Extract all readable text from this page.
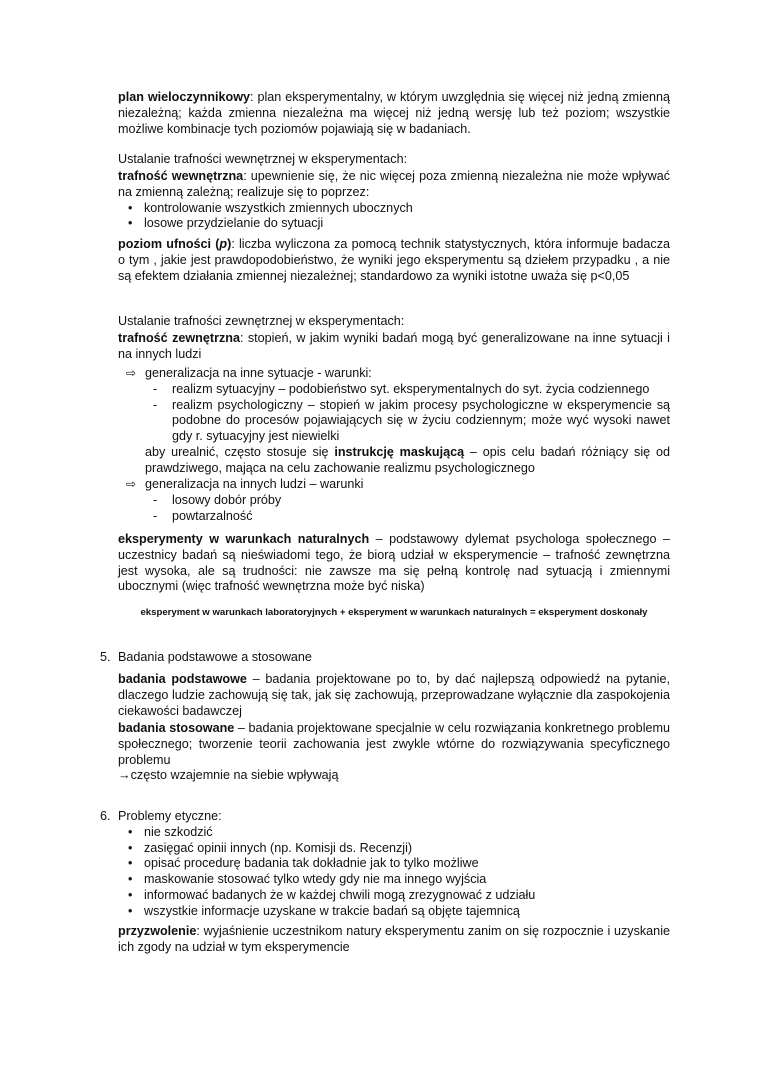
plan wieloczynnikowy: plan eksperymentalny, w którym uwzględnia się więcej niż jedną zmienną niezależną; każda zmienna niezależna ma więcej niż jedną wersję lub też poziom; wszystkie możliwe kombinacje tych poziomów pojawiają się w badaniach.

Ustalanie trafności wewnętrznej w eksperymentach:

trafność wewnętrzna: upewnienie się, że nic więcej poza zmienną niezależna nie może wpływać na zmienną zależną; realizuje się to poprzez:

• kontrolowanie wszystkich zmiennych ubocznych
• losowe przydzielanie do sytuacji

poziom ufności (p): liczba wyliczona za pomocą technik statystycznych, która informuje badacza o tym , jakie jest prawdopodobieństwo, że wyniki jego eksperymentu są dziełem przypadku , a nie są efektem działania zmiennej niezależnej; standardowo za wyniki istotne uważa się p<0,05

Ustalanie trafności zewnętrznej w eksperymentach:

trafność zewnętrzna: stopień, w jakim wyniki badań mogą być generalizowane na inne sytuacji i na innych ludzi

⇨ generalizacja na inne sytuacje - warunki:
- realizm sytuacyjny – podobieństwo syt. eksperymentalnych do syt. życia codziennego
- realizm psychologiczny – stopień w jakim procesy psychologiczne w eksperymencie są podobne do procesów pojawiających się w życiu codziennym; może wyć wysoki nawet gdy r. sytuacyjny jest niewielki

aby urealnić, często stosuje się instrukcję maskującą – opis celu badań różniący się od prawdziwego, mająca na celu zachowanie realizmu psychologicznego

⇨ generalizacja na innych ludzi – warunki
- losowy dobór próby
- powtarzalność

eksperymenty w warunkach naturalnych – podstawowy dylemat psychologa społecznego – uczestnicy badań są nieświadomi tego, że biorą udział w eksperymencie – trafność zewnętrzna jest wysoka, ale są trudności: nie zawsze ma się pełną kontrolę nad sytuacją i zmiennymi ubocznymi (więc trafność wewnętrzna może być niska)

eksperyment w warunkach laboratoryjnych + eksperyment w warunkach naturalnych = eksperyment doskonały

5. Badania podstawowe a stosowane

badania podstawowe – badania projektowane po to, by dać najlepszą odpowiedź na pytanie, dlaczego ludzie zachowują się tak, jak się zachowują, przeprowadzane wyłącznie dla zaspokojenia ciekawości badawczej

badania stosowane – badania projektowane specjalnie w celu rozwiązania konkretnego problemu społecznego; tworzenie teorii zachowania jest zwykle wtórne do rozwiązywania specyficznego problemu

→często wzajemnie na siebie wpływają

6. Problemy etyczne:

• nie szkodzić
• zasięgać opinii innych (np. Komisji ds. Recenzji)
• opisać procedurę badania tak dokładnie jak to tylko możliwe
• maskowanie stosować tylko wtedy gdy nie ma innego wyjścia
• informować badanych że w każdej chwili mogą zrezygnować z udziału
• wszystkie informacje uzyskane w trakcie badań są objęte tajemnicą

przyzwolenie: wyjaśnienie uczestnikom natury eksperymentu zanim on się rozpocznie i uzyskanie ich zgody na udział w tym eksperymencie
